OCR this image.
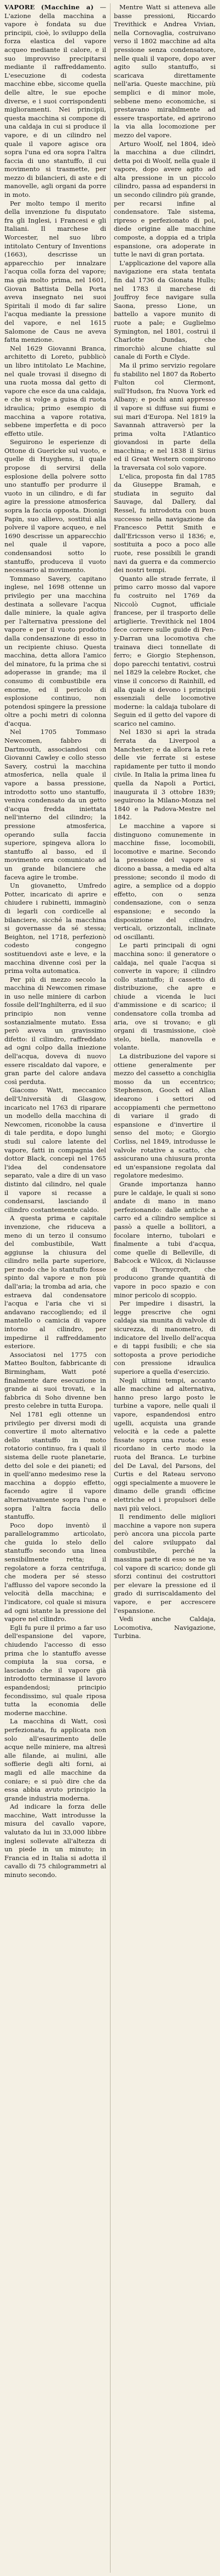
VAPORE (Macchine a) — L'azione della macchina a vapore è fondata su due principii, cioè, lo sviluppo della forza elastica del vapore acqueo mediante il calore, e il suo improvviso precipitarsi mediante il raffreddamento. L'esecuzione di codesta macchine ebbe, siccome quella delle altre, le sue epoche diverse, e i suoi corrispondenti miglioramenti. Nei principii, questa macchina si compone di una caldaja in cui si produce il vapore, e di un cilindro nel quale il vapore agisce ora sopra l'una ed ora sopra l'altra faccia di uno stantuffo, il cui movimento si trasmette, per mezzo di bilancieri, di aste e di manovelle, agli organi da porre in moto.

Per molto tempo il merito della invenzione fu disputato fra gli Inglesi, i Francesi e gli Italiani. Il marchese di Worcester, nel suo libro intitolato Century of Inventions (1663), descrisse un apparecchio per innalzare l'acqua colla forza del vapore; ma già molto prima, nel 1601, Giovan Battista Della Porta aveva insegnato nei suoi Spiritali il modo di far salire l'acqua mediante la pressione del vapore, e nel 1615 Salomone de Caus ne aveva fatta menzione.

Nel 1629 Giovanni Branca, architetto di Loreto, pubblicò un libro intitolato Le Machine, nel quale trovasi il disegno di una ruota mossa dal getto di vapore che esce da una caldaja, e che si volge a guisa di ruota idraulica; primo esempio di macchina a vapore rotativa, sebbene imperfetta e di poco effetto utile.

Seguirono le esperienze di Ottone di Guericke sul vuoto, e quelle di Huyghens, il quale propose di servirsi della esplosione della polvere sotto uno stantuffo per produrre il vuoto in un cilindro, e di far agire la pressione atmosferica sopra la faccia opposta. Dionigi Papin, suo allievo, sostituì alla polvere il vapore acqueo, e nel 1690 descrisse un apparecchio nel quale il vapore, condensandosi sotto lo stantuffo, produceva il vuoto necessario al movimento.

Tommaso Savery, capitano inglese, nel 1698 ottenne un privilegio per una macchina destinata a sollevare l'acqua dalle miniere, la quale agiva per l'alternativa pressione del vapore e per il vuoto prodotto dalla condensazione di esso in un recipiente chiuso. Questa macchina, detta allora l'amico del minatore, fu la prima che si adoperasse in grande; ma il consumo di combustibile era enorme, ed il pericolo di esplosione continuo, non potendosi spingere la pressione oltre a pochi metri di colonna d'acqua.

Nel 1705 Tommaso Newcomen, fabbro di Dartmouth, associandosi con Giovanni Cawley e collo stesso Savery, costruì la macchina atmosferica, nella quale il vapore a bassa pressione, introdotto sotto uno stantuffo, veniva condensato da un getto d'acqua fredda iniettata nell'interno del cilindro; la pressione atmosferica, operando sulla faccia superiore, spingeva allora lo stantuffo al basso, ed il movimento era comunicato ad un grande bilanciere che faceva agire le trombe.

Un giovanetto, Umfredo Potter, incaricato di aprire e chiudere i rubinetti, immaginò di legarli con cordicelle al bilanciere, sicché la macchina si governasse da sé stessa; Beighton, nel 1718, perfezionò codesto congegno sostituendovi aste e leve, e la macchina divenne così per la prima volta automatica.

Per più di mezzo secolo la macchina di Newcomen rimase in uso nelle miniere di carbon fossile dell'Inghilterra, ed il suo principio non venne sostanzialmente mutato. Essa però aveva un gravissimo difetto: il cilindro, raffreddato ad ogni colpo dalla iniezione dell'acqua, doveva di nuovo essere riscaldato dal vapore, e gran parte del calore andava così perduta.

Giacomo Watt, meccanico dell'Università di Glasgow, incaricato nel 1763 di riparare un modello della macchina di Newcomen, riconobbe la causa di tale perdita, e dopo lunghi studi sul calore latente del vapore, fatti in compagnia del dottor Black, concepì nel 1765 l'idea del condensatore separato, vale a dire di un vaso distinto dal cilindro, nel quale il vapore si recasse a condensarsi, lasciando il cilindro costantemente caldo.

A questa prima e capitale invenzione, che riduceva a meno di un terzo il consumo del combustibile, Watt aggiunse la chiusura del cilindro nella parte superiore, per modo che lo stantuffo fosse spinto dal vapore e non più dall'aria; la tromba ad aria, che estraeva dal condensatore l'acqua e l'aria che vi si andavano raccogliendo; ed il mantello o camicia di vapore intorno al cilindro, per impedirne il raffreddamento esteriore.

Associatosi nel 1775 con Matteo Boulton, fabbricante di Birmingham, Watt poté finalmente dare esecuzione in grande ai suoi trovati, e la fabbrica di Soho divenne ben presto celebre in tutta Europa.

Nel 1781 egli ottenne un privilegio per diversi modi di convertire il moto alternativo dello stantuffo in moto rotatorio continuo, fra i quali il sistema delle ruote planetarie, detto del sole e dei pianeti; ed in quell'anno medesimo rese la macchina a doppio effetto, facendo agire il vapore alternativamente sopra l'una e sopra l'altra faccia dello stantuffo.

Poco dopo inventò il parallelogrammo articolato, che guida lo stelo dello stantuffo secondo una linea sensibilmente retta; il regolatore a forza centrifuga, che modera per sé stesso l'afflusso del vapore secondo la velocità della macchina; e l'indicatore, col quale si misura ad ogni istante la pressione del vapore nel cilindro.

Egli fu pure il primo a far uso dell'espansione del vapore, chiudendo l'accesso di esso prima che lo stantuffo avesse compiuta la sua corsa, e lasciando che il vapore già introdotto terminasse il lavoro espandendosi; principio fecondissimo, sul quale riposa tutta la economia delle moderne macchine.

La macchina di Watt, così perfezionata, fu applicata non solo all'esaurimento delle acque nelle miniere, ma altresì alle filande, ai mulini, alle soffierie degli alti forni, ai magli ed alle macchine da coniare; e si può dire che da essa abbia avuto principio la grande industria moderna.

Ad indicare la forza delle macchine, Watt introdusse la misura del cavallo vapore, valutato da lui in 33,000 libbre inglesi sollevate all'altezza di un piede in un minuto; in Francia ed in Italia si adotta il cavallo di 75 chilogrammetri al minuto secondo.

Mentre Watt si atteneva alle basse pressioni, Riccardo Trevithick e Andrea Vivian, nella Cornovaglia, costruivano verso il 1802 macchine ad alta pressione senza condensatore, nelle quali il vapore, dopo aver agito sullo stantuffo, si scaricava direttamente nell'aria. Queste macchine, più semplici e di minor mole, sebbene meno economiche, si prestavano mirabilmente ad essere trasportate, ed aprirono la via alla locomozione per mezzo del vapore.

Arturo Woolf, nel 1804, ideò la macchina a due cilindri, detta poi di Woolf, nella quale il vapore, dopo avere agito ad alta pressione in un piccolo cilindro, passa ad espandersi in un secondo cilindro più grande, per recarsi infine al condensatore. Tale sistema, ripreso e perfezionato di poi, diede origine alle macchine composte, a doppia ed a tripla espansione, ora adoperate in tutte le navi di gran portata.

L'applicazione del vapore alla navigazione era stata tentata fin dal 1736 da Gionata Hulls; nel 1783 il marchese di Jouffroy fece navigare sulla Saona, presso Lione, un battello a vapore munito di ruote a pale; e Guglielmo Symington, nel 1801, costruì il Charlotte Dundas, che rimorchiò alcune chiatte sul canale di Forth e Clyde.

Ma il primo servizio regolare fu stabilito nel 1807 da Roberto Fulton col Clermont, sull'Hudson, fra Nuova York ed Albany; e pochi anni appresso il vapore si diffuse sui fiumi e sui mari d'Europa. Nel 1819 la Savannah attraversò per la prima volta l'Atlantico giovandosi in parte della macchina; e nel 1838 il Sirius ed il Great Western compirono la traversata col solo vapore.

L'elica, proposta fin dal 1785 da Giuseppe Bramah, e studiata in seguito dal Sauvage, dal Dallery, dal Ressel, fu introdotta con buon successo nella navigazione da Francesco Pettit Smith e dall'Ericsson verso il 1836; e, sostituita a poco a poco alle ruote, rese possibili le grandi navi da guerra e da commercio dei nostri tempi.

Quanto alle strade ferrate, il primo carro mosso dal vapore fu costruito nel 1769 da Niccolò Cugnot, ufficiale francese, per il trasporto delle artiglierie. Trevithick nel 1804 fece correre sulle guide di Pen-y-Darran una locomotiva che trainava dieci tonnellate di ferro; e Giorgio Stephenson, dopo parecchi tentativi, costruì nel 1829 la celebre Rocket, che vinse il concorso di Rainhill, ed alla quale si devono i principii essenziali delle locomotive moderne: la caldaja tubolare di Seguin ed il getto del vapore di scarico nel camino.

Nel 1830 si aprì la strada ferrata da Liverpool a Manchester; e da allora la rete delle vie ferrate si estese rapidamente per tutto il mondo civile. In Italia la prima linea fu quella da Napoli a Portici, inaugurata il 3 ottobre 1839; seguirono la Milano-Monza nel 1840 e la Padova-Mestre nel 1842.

Le macchine a vapore si distinguono comunemente in macchine fisse, locomobili, locomotive e marine. Secondo la pressione del vapore si dicono a bassa, a media ed alta pressione; secondo il modo di agire, a semplice od a doppio effetto, con o senza condensazione, con o senza espansione; e secondo la disposizione del cilindro, verticali, orizzontali, inclinate od oscillanti.

Le parti principali di ogni macchina sono: il generatore o caldaja, nel quale l'acqua si converte in vapore; il cilindro collo stantuffo; il cassetto di distribuzione, che apre e chiude a vicenda le luci d'ammissione e di scarico; il condensatore colla tromba ad aria, ove si trovano; e gli organi di trasmissione, cioè stelo, biella, manovella e volante.

La distribuzione del vapore si ottiene generalmente per mezzo del cassetto a conchiglia mosso da un eccentrico; Stephenson, Gooch ed Allan idearono i settori od accoppiamenti che permettono di variare il grado di espansione e d'invertire il senso del moto; e Giorgio Corliss, nel 1849, introdusse le valvole rotative a scatto, che assicurano una chiusura pronta ed un'espansione regolata dal regolatore medesimo.

Grande importanza hanno pure le caldaje, le quali si sono andate di mano in mano perfezionando: dalle antiche a carro ed a cilindro semplice si passò a quelle a bollitori, a focolare interno, tubolari e finalmente a tubi d'acqua, come quelle di Belleville, di Babcock e Wilcox, di Niclausse e di Thornycroft, che producono grande quantità di vapore in poco spazio e con minor pericolo di scoppio.

Per impedire i disastri, la legge prescrive che ogni caldaja sia munita di valvole di sicurezza, di manometro, di indicatore del livello dell'acqua e di tappi fusibili; e che sia sottoposta a prove periodiche con pressione idraulica superiore a quella d'esercizio.

Negli ultimi tempi, accanto alle macchine ad alternativa, hanno preso largo posto le turbine a vapore, nelle quali il vapore, espandendosi entro ugelli, acquista una grande velocità e la cede a palette fissate sopra una ruota: esse ricordano in certo modo la ruota del Branca. Le turbine del De Laval, del Parsons, del Curtis e del Rateau servono oggi specialmente a muovere le dinamo delle grandi officine elettriche ed i propulsori delle navi più veloci.

Il rendimento delle migliori macchine a vapore non supera però ancora una piccola parte del calore sviluppato dal combustibile, perché la massima parte di esso se ne va col vapore di scarico; donde gli sforzi continui dei costruttori per elevare la pressione ed il grado di surriscaldamento del vapore, e per accrescere l'espansione.

Vedi anche Caldaja, Locomotiva, Navigazione, Turbina.
